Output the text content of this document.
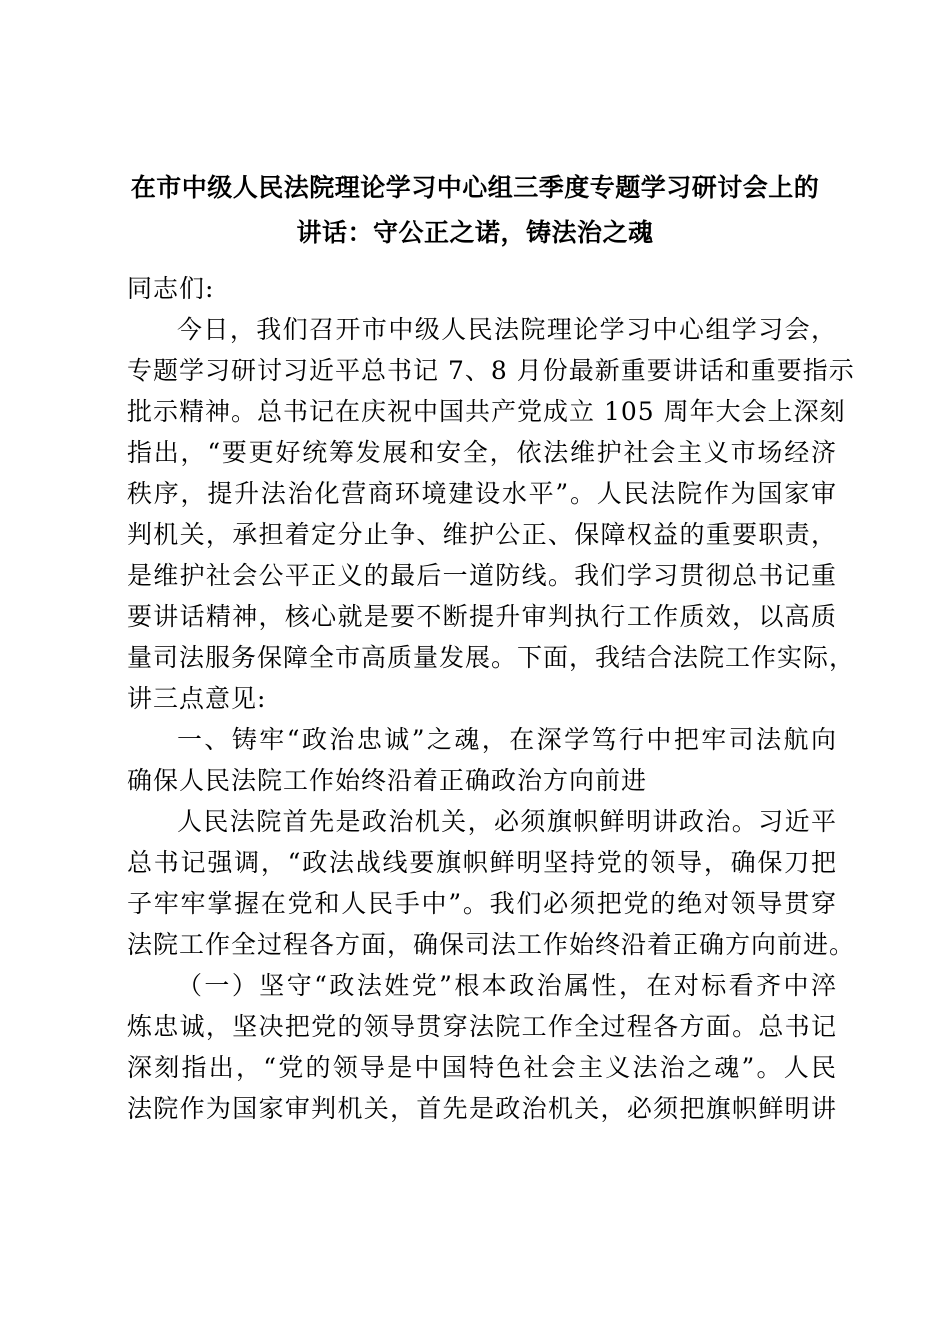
在市中级人民法院理论学习中心组三季度专题学习研讨会上的
讲话：守公正之诺，铸法治之魂
同志们:
今日，我们召开市中级人民法院理论学习中心组学习会，
专题学习研讨习近平总书记 7、8 月份最新重要讲话和重要指示
批示精神。总书记在庆祝中国共产党成立 105 周年大会上深刻
指出，“要更好统筹发展和安全，依法维护社会主义市场经济
秩序，提升法治化营商环境建设水平”。人民法院作为国家审
判机关，承担着定分止争、维护公正、保障权益的重要职责，
是维护社会公平正义的最后一道防线。我们学习贯彻总书记重
要讲话精神，核心就是要不断提升审判执行工作质效，以高质
量司法服务保障全市高质量发展。下面，我结合法院工作实际，
讲三点意见:
一、铸牢“政治忠诚”之魂，在深学笃行中把牢司法航向
确保人民法院工作始终沿着正确政治方向前进
人民法院首先是政治机关，必须旗帜鲜明讲政治。习近平
总书记强调，“政法战线要旗帜鲜明坚持党的领导，确保刀把
子牢牢掌握在党和人民手中”。我们必须把党的绝对领导贯穿
法院工作全过程各方面，确保司法工作始终沿着正确方向前进。
（一）坚守“政法姓党”根本政治属性，在对标看齐中淬
炼忠诚，坚决把党的领导贯穿法院工作全过程各方面。总书记
深刻指出，“党的领导是中国特色社会主义法治之魂”。人民
法院作为国家审判机关，首先是政治机关，必须把旗帜鲜明讲
